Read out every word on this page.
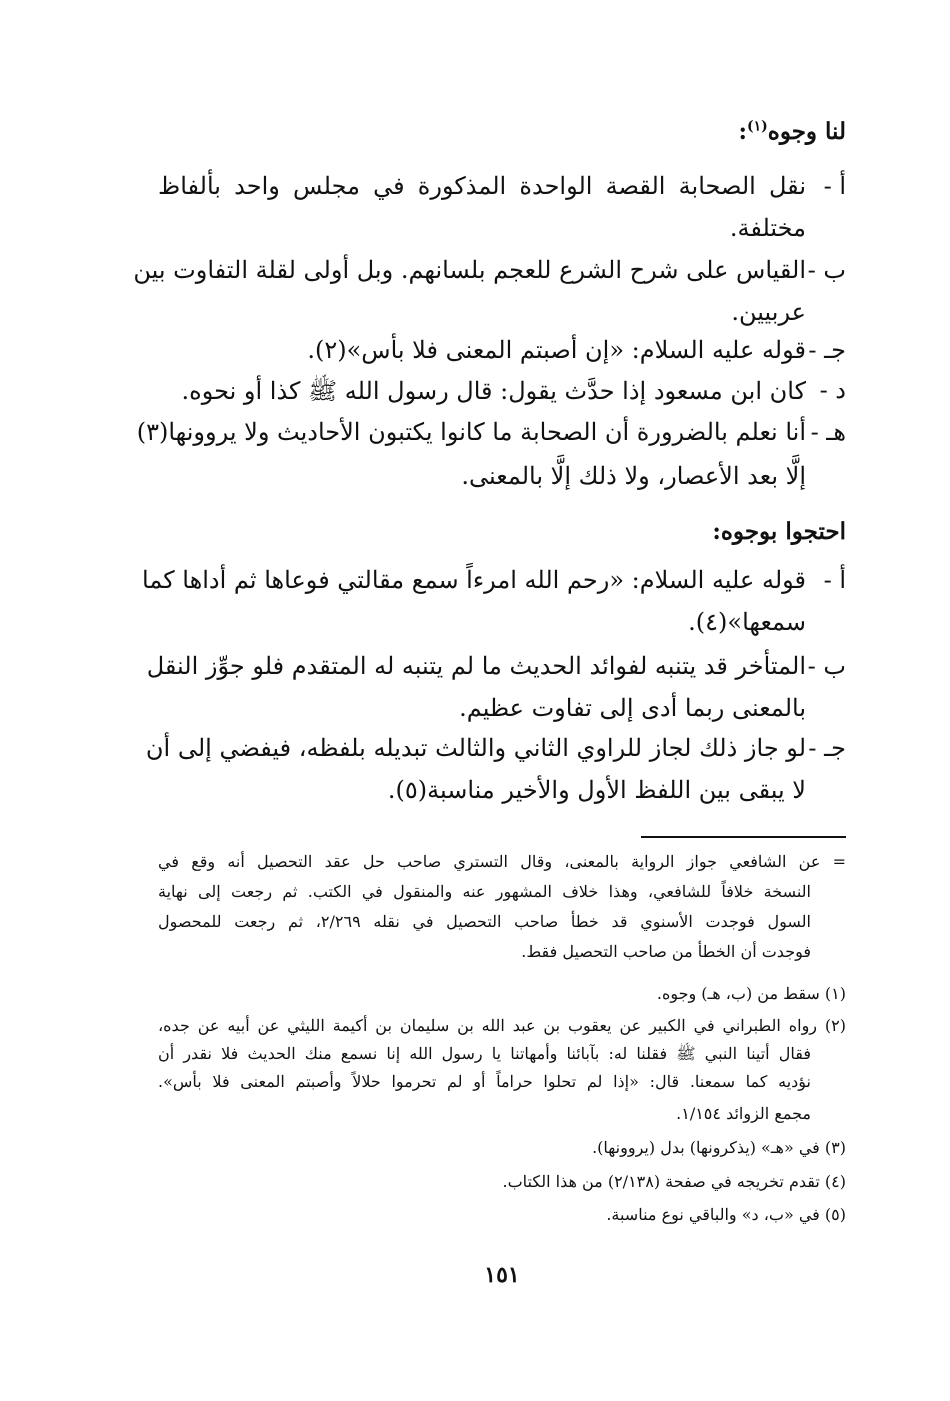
لنا وجوه$^{(١)}$:
أ -
نقل الصحابة القصة الواحدة المذكورة في مجلس واحد بألفاظ
مختلفة.
ب -
القياس على شرح الشرع للعجم بلسانهم. وبل أولى لقلة التفاوت بين
عربيين.
جـ -
قوله عليه السلام: «إن أصبتم المعنى فلا بأس»(٢).
د -
كان ابن مسعود إذا حدَّث يقول: قال رسول الله ﷺ كذا أو نحوه.
هـ -
أنا نعلم بالضرورة أن الصحابة ما كانوا يكتبون الأحاديث ولا يروونها(٣)
إلَّا بعد الأعصار، ولا ذلك إلَّا بالمعنى.
احتجوا بوجوه:
أ -
قوله عليه السلام: «رحم الله امرءاً سمع مقالتي فوعاها ثم أداها كما
سمعها»(٤).
ب -
المتأخر قد يتنبه لفوائد الحديث ما لم يتنبه له المتقدم فلو جوِّز النقل
بالمعنى ربما أدى إلى تفاوت عظيم.
جـ -
لو جاز ذلك لجاز للراوي الثاني والثالث تبديله بلفظه، فيفضي إلى أن
لا يبقى بين اللفظ الأول والأخير مناسبة(٥).
= عن الشافعي جواز الرواية بالمعنى، وقال التستري صاحب حل عقد التحصيل أنه وقع في
النسخة خلافاً للشافعي، وهذا خلاف المشهور عنه والمنقول في الكتب. ثم رجعت إلى نهاية
السول فوجدت الأسنوي قد خطأ صاحب التحصيل في نقله ٢/٢٦٩، ثم رجعت للمحصول
فوجدت أن الخطأ من صاحب التحصيل فقط.
(١) سقط من (ب، هـ) وجوه.
(٢) رواه الطبراني في الكبير عن يعقوب بن عبد الله بن سليمان بن أكيمة الليثي عن أبيه عن جده،
فقال أتينا النبي ﷺ فقلنا له: بآبائنا وأمهاتنا يا رسول الله إنا نسمع منك الحديث فلا نقدر أن
نؤديه كما سمعنا. قال: «إذا لم تحلوا حراماً أو لم تحرموا حلالاً وأصبتم المعنى فلا بأس».
مجمع الزوائد ١/١٥٤.
(٣) في «هـ» (يذكرونها) بدل (يروونها).
(٤) تقدم تخريجه في صفحة (٢/١٣٨) من هذا الكتاب.
(٥) في «ب، د» والباقي نوع مناسبة.
١٥١
